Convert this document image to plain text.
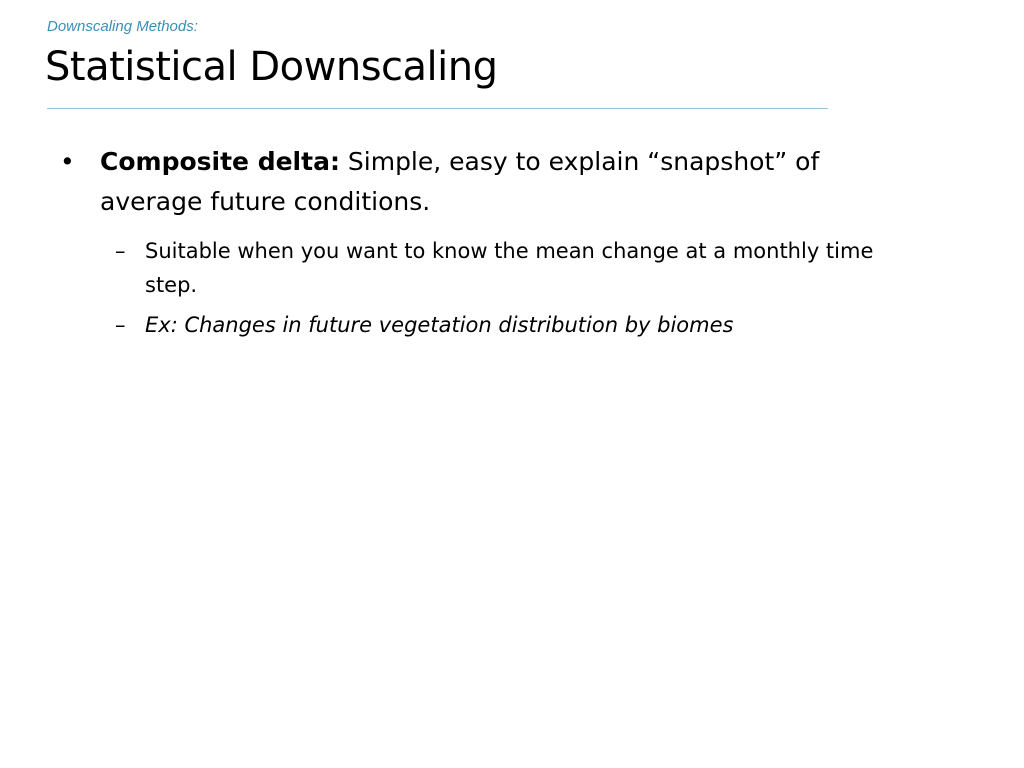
Downscaling Methods:
Statistical Downscaling
• Composite delta: Simple, easy to explain “snapshot” of average future conditions.
– Suitable when you want to know the mean change at a monthly time step.
– Ex: Changes in future vegetation distribution by biomes
